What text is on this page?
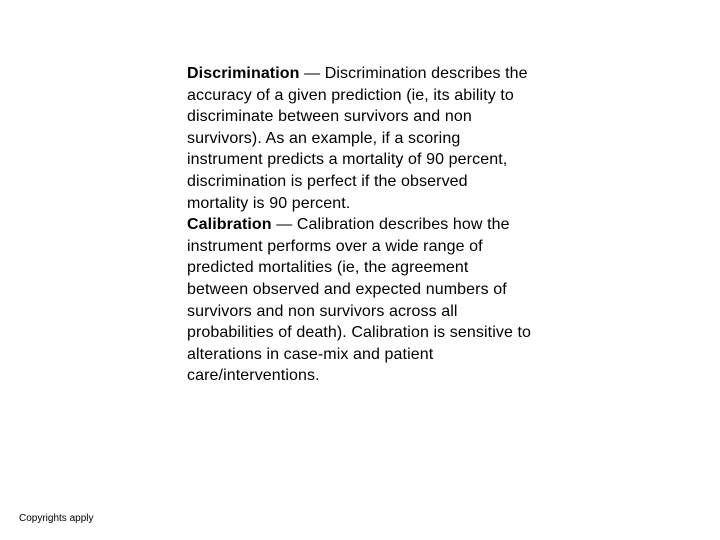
Discrimination — Discrimination describes the accuracy of a given prediction (ie, its ability to discriminate between survivors and non survivors). As an example, if a scoring instrument predicts a mortality of 90 percent, discrimination is perfect if the observed mortality is 90 percent.

Calibration — Calibration describes how the instrument performs over a wide range of predicted mortalities (ie, the agreement between observed and expected numbers of survivors and non survivors across all probabilities of death). Calibration is sensitive to alterations in case-mix and patient care/interventions.

Copyrights apply
